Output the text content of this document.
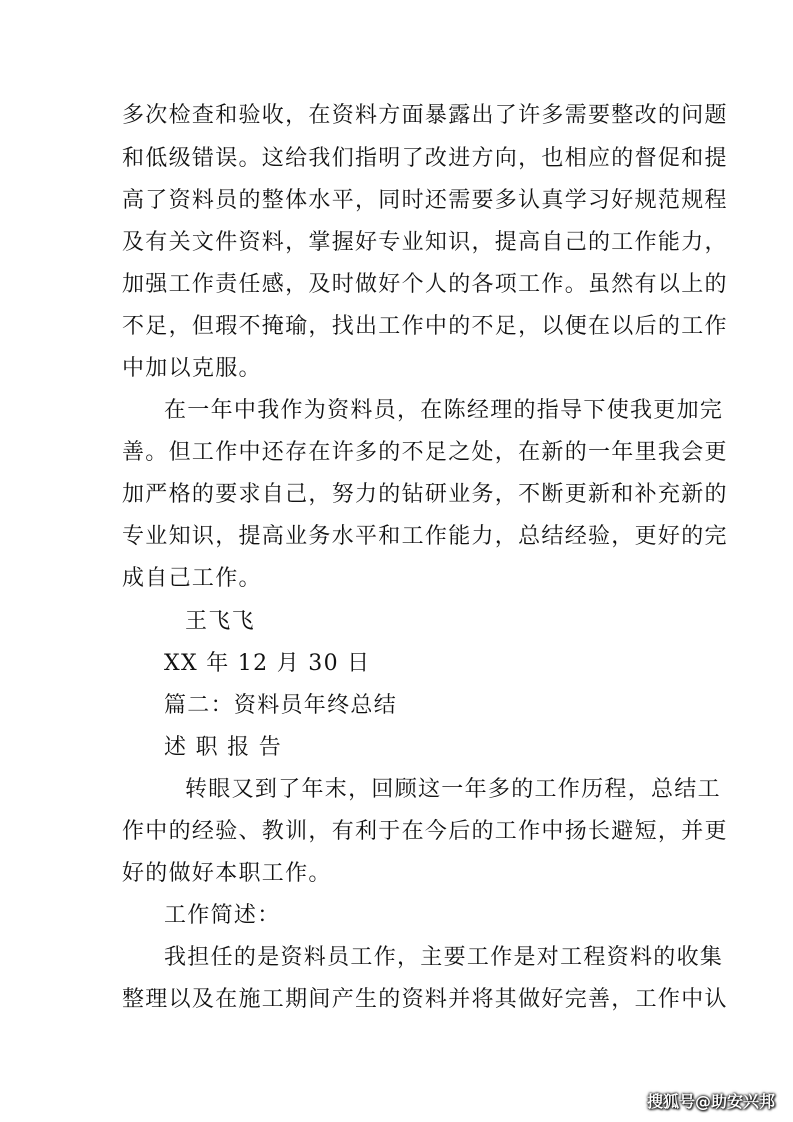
多次检查和验收，在资料方面暴露出了许多需要整改的问题
和低级错误。这给我们指明了改进方向，也相应的督促和提
高了资料员的整体水平，同时还需要多认真学习好规范规程
及有关文件资料，掌握好专业知识，提高自己的工作能力，
加强工作责任感，及时做好个人的各项工作。虽然有以上的
不足，但瑕不掩瑜，找出工作中的不足，以便在以后的工作
中加以克服。
在一年中我作为资料员，在陈经理的指导下使我更加完
善。但工作中还存在许多的不足之处，在新的一年里我会更
加严格的要求自己，努力的钻研业务，不断更新和补充新的
专业知识，提高业务水平和工作能力，总结经验，更好的完
成自己工作。
王飞飞
XX 年 12 月 30 日
篇二：资料员年终总结
述 职 报 告
转眼又到了年末，回顾这一年多的工作历程，总结工
作中的经验、教训，有利于在今后的工作中扬长避短，并更
好的做好本职工作。
工作简述：
我担任的是资料员工作，主要工作是对工程资料的收集
整理以及在施工期间产生的资料并将其做好完善，工作中认
搜狐号@助安兴邦
